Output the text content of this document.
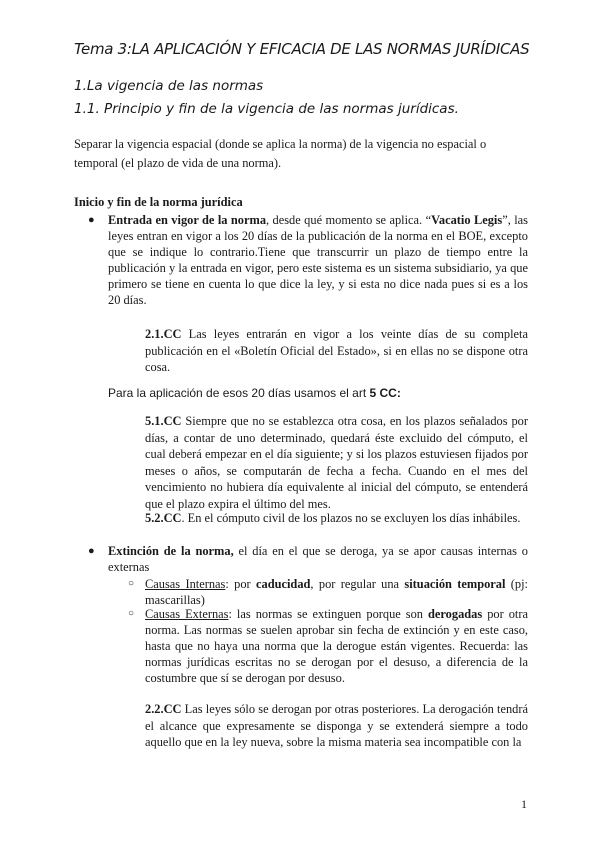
Tema 3:LA APLICACIÓN Y EFICACIA DE LAS NORMAS JURÍDICAS
1.La vigencia de las normas
1.1. Principio y fin de la vigencia de las normas jurídicas.
Separar la vigencia espacial (donde se aplica la norma) de la vigencia no espacial o temporal (el plazo de vida de una norma).
Inicio y fin de la norma jurídica
● Entrada en vigor de la norma, desde qué momento se aplica. “Vacatio Legis”, las leyes entran en vigor a los 20 días de la publicación de la norma en el BOE, excepto que se indique lo contrario.Tiene que transcurrir un plazo de tiempo entre la publicación y la entrada en vigor, pero este sistema es un sistema subsidiario, ya que primero se tiene en cuenta lo que dice la ley, y si esta no dice nada pues si es a los 20 días.
2.1.CC Las leyes entrarán en vigor a los veinte días de su completa publicación en el «Boletín Oficial del Estado», si en ellas no se dispone otra cosa.
Para la aplicación de esos 20 días usamos el art 5 CC:
5.1.CC Siempre que no se establezca otra cosa, en los plazos señalados por días, a contar de uno determinado, quedará éste excluido del cómputo, el cual deberá empezar en el día siguiente; y si los plazos estuviesen fijados por meses o años, se computarán de fecha a fecha. Cuando en el mes del vencimiento no hubiera día equivalente al inicial del cómputo, se entenderá que el plazo expira el último del mes.
5.2.CC. En el cómputo civil de los plazos no se excluyen los días inhábiles.
● Extinción de la norma, el día en el que se deroga, ya se apor causas internas o externas
○ Causas Internas: por caducidad, por regular una situación temporal (pj: mascarillas)
○ Causas Externas: las normas se extinguen porque son derogadas por otra norma. Las normas se suelen aprobar sin fecha de extinción y en este caso, hasta que no haya una norma que la derogue están vigentes. Recuerda: las normas jurídicas escritas no se derogan por el desuso, a diferencia de la costumbre que sí se derogan por desuso.
2.2.CC Las leyes sólo se derogan por otras posteriores. La derogación tendrá el alcance que expresamente se disponga y se extenderá siempre a todo aquello que en la ley nueva, sobre la misma materia sea incompatible con la
1
